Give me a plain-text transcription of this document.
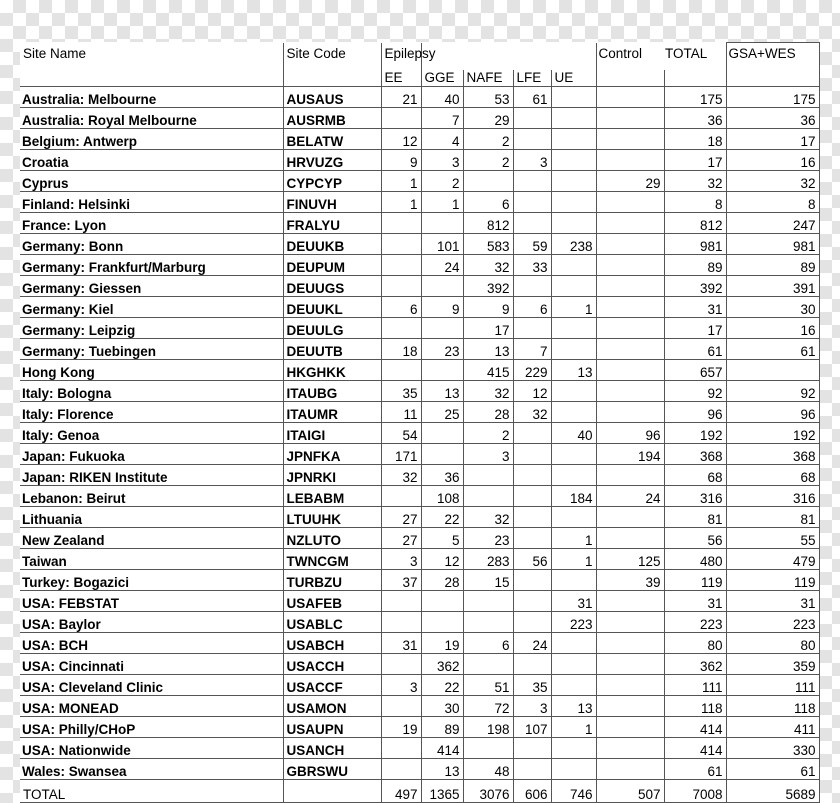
Site Name	Site Code	Epilepsy					Control	TOTAL	GSA+WES
		EE	GGE	NAFE	LFE	UE			
Australia: Melbourne	AUSAUS	21	40	53	61			175	175
Australia: Royal Melbourne	AUSRMB		7	29				36	36
Belgium: Antwerp	BELATW	12	4	2				18	17
Croatia	HRVUZG	9	3	2	3			17	16
Cyprus	CYPCYP	1	2				29	32	32
Finland: Helsinki	FINUVH	1	1	6				8	8
France: Lyon	FRALYU			812				812	247
Germany: Bonn	DEUUKB		101	583	59	238		981	981
Germany: Frankfurt/Marburg	DEUPUM		24	32	33			89	89
Germany: Giessen	DEUUGS			392				392	391
Germany: Kiel	DEUUKL	6	9	9	6	1		31	30
Germany: Leipzig	DEUULG			17				17	16
Germany: Tuebingen	DEUUTB	18	23	13	7			61	61
Hong Kong	HKGHKK			415	229	13		657	
Italy: Bologna	ITAUBG	35	13	32	12			92	92
Italy: Florence	ITAUMR	11	25	28	32			96	96
Italy: Genoa	ITAIGI	54		2		40	96	192	192
Japan: Fukuoka	JPNFKA	171		3			194	368	368
Japan: RIKEN Institute	JPNRKI	32	36					68	68
Lebanon: Beirut	LEBABM		108			184	24	316	316
Lithuania	LTUUHK	27	22	32				81	81
New Zealand	NZLUTO	27	5	23		1		56	55
Taiwan	TWNCGM	3	12	283	56	1	125	480	479
Turkey: Bogazici	TURBZU	37	28	15			39	119	119
USA: FEBSTAT	USAFEB					31		31	31
USA: Baylor	USABLC					223		223	223
USA: BCH	USABCH	31	19	6	24			80	80
USA: Cincinnati	USACCH		362					362	359
USA: Cleveland Clinic	USACCF	3	22	51	35			111	111
USA: MONEAD	USAMON		30	72	3	13		118	118
USA: Philly/CHoP	USAUPN	19	89	198	107	1		414	411
USA: Nationwide	USANCH		414					414	330
Wales: Swansea	GBRSWU		13	48				61	61
TOTAL		497	1365	3076	606	746	507	7008	5689
